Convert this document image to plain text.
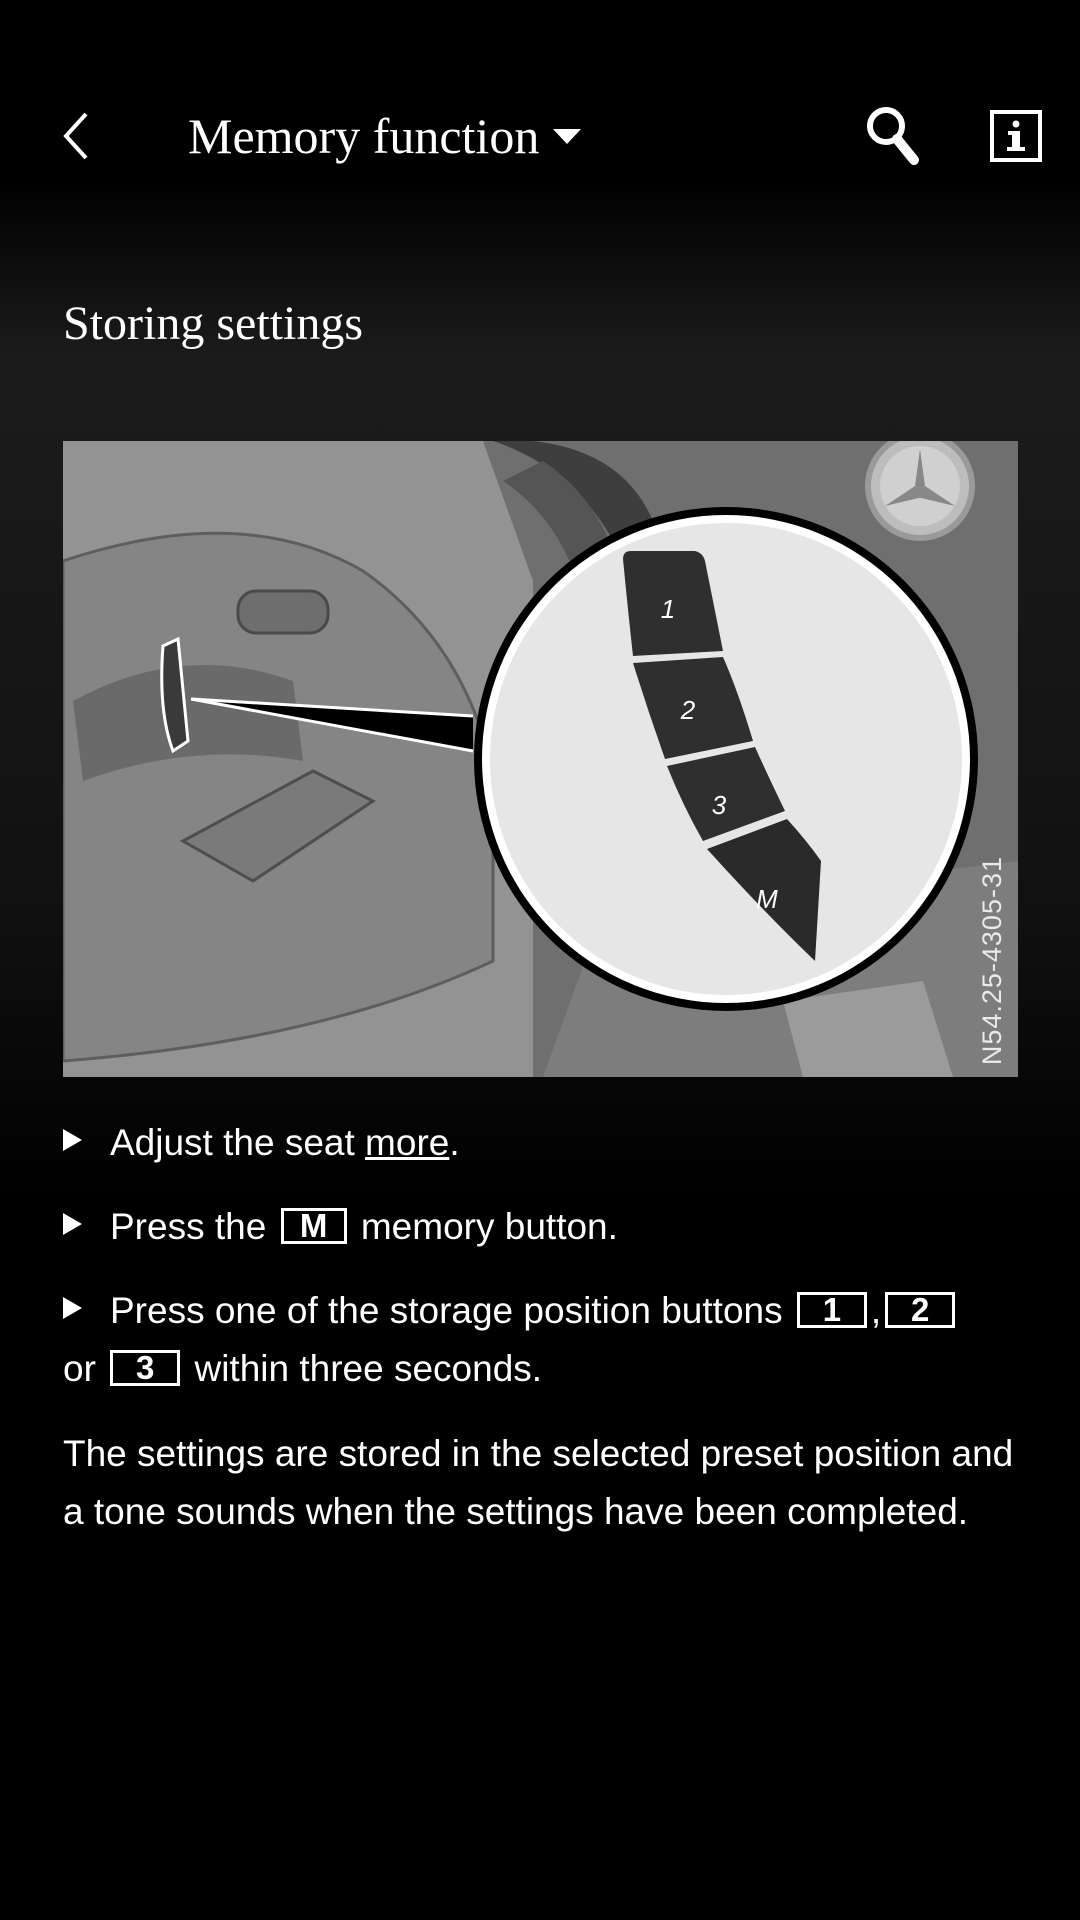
Memory function
Storing settings
1
2
3
M	N54.25-4305-31
Adjust the seat more.
Press the M memory button.
Press one of the storage position buttons 1 , 2
or 3 within three seconds.
The settings are stored in the selected preset position and a tone sounds when the settings have been completed.
